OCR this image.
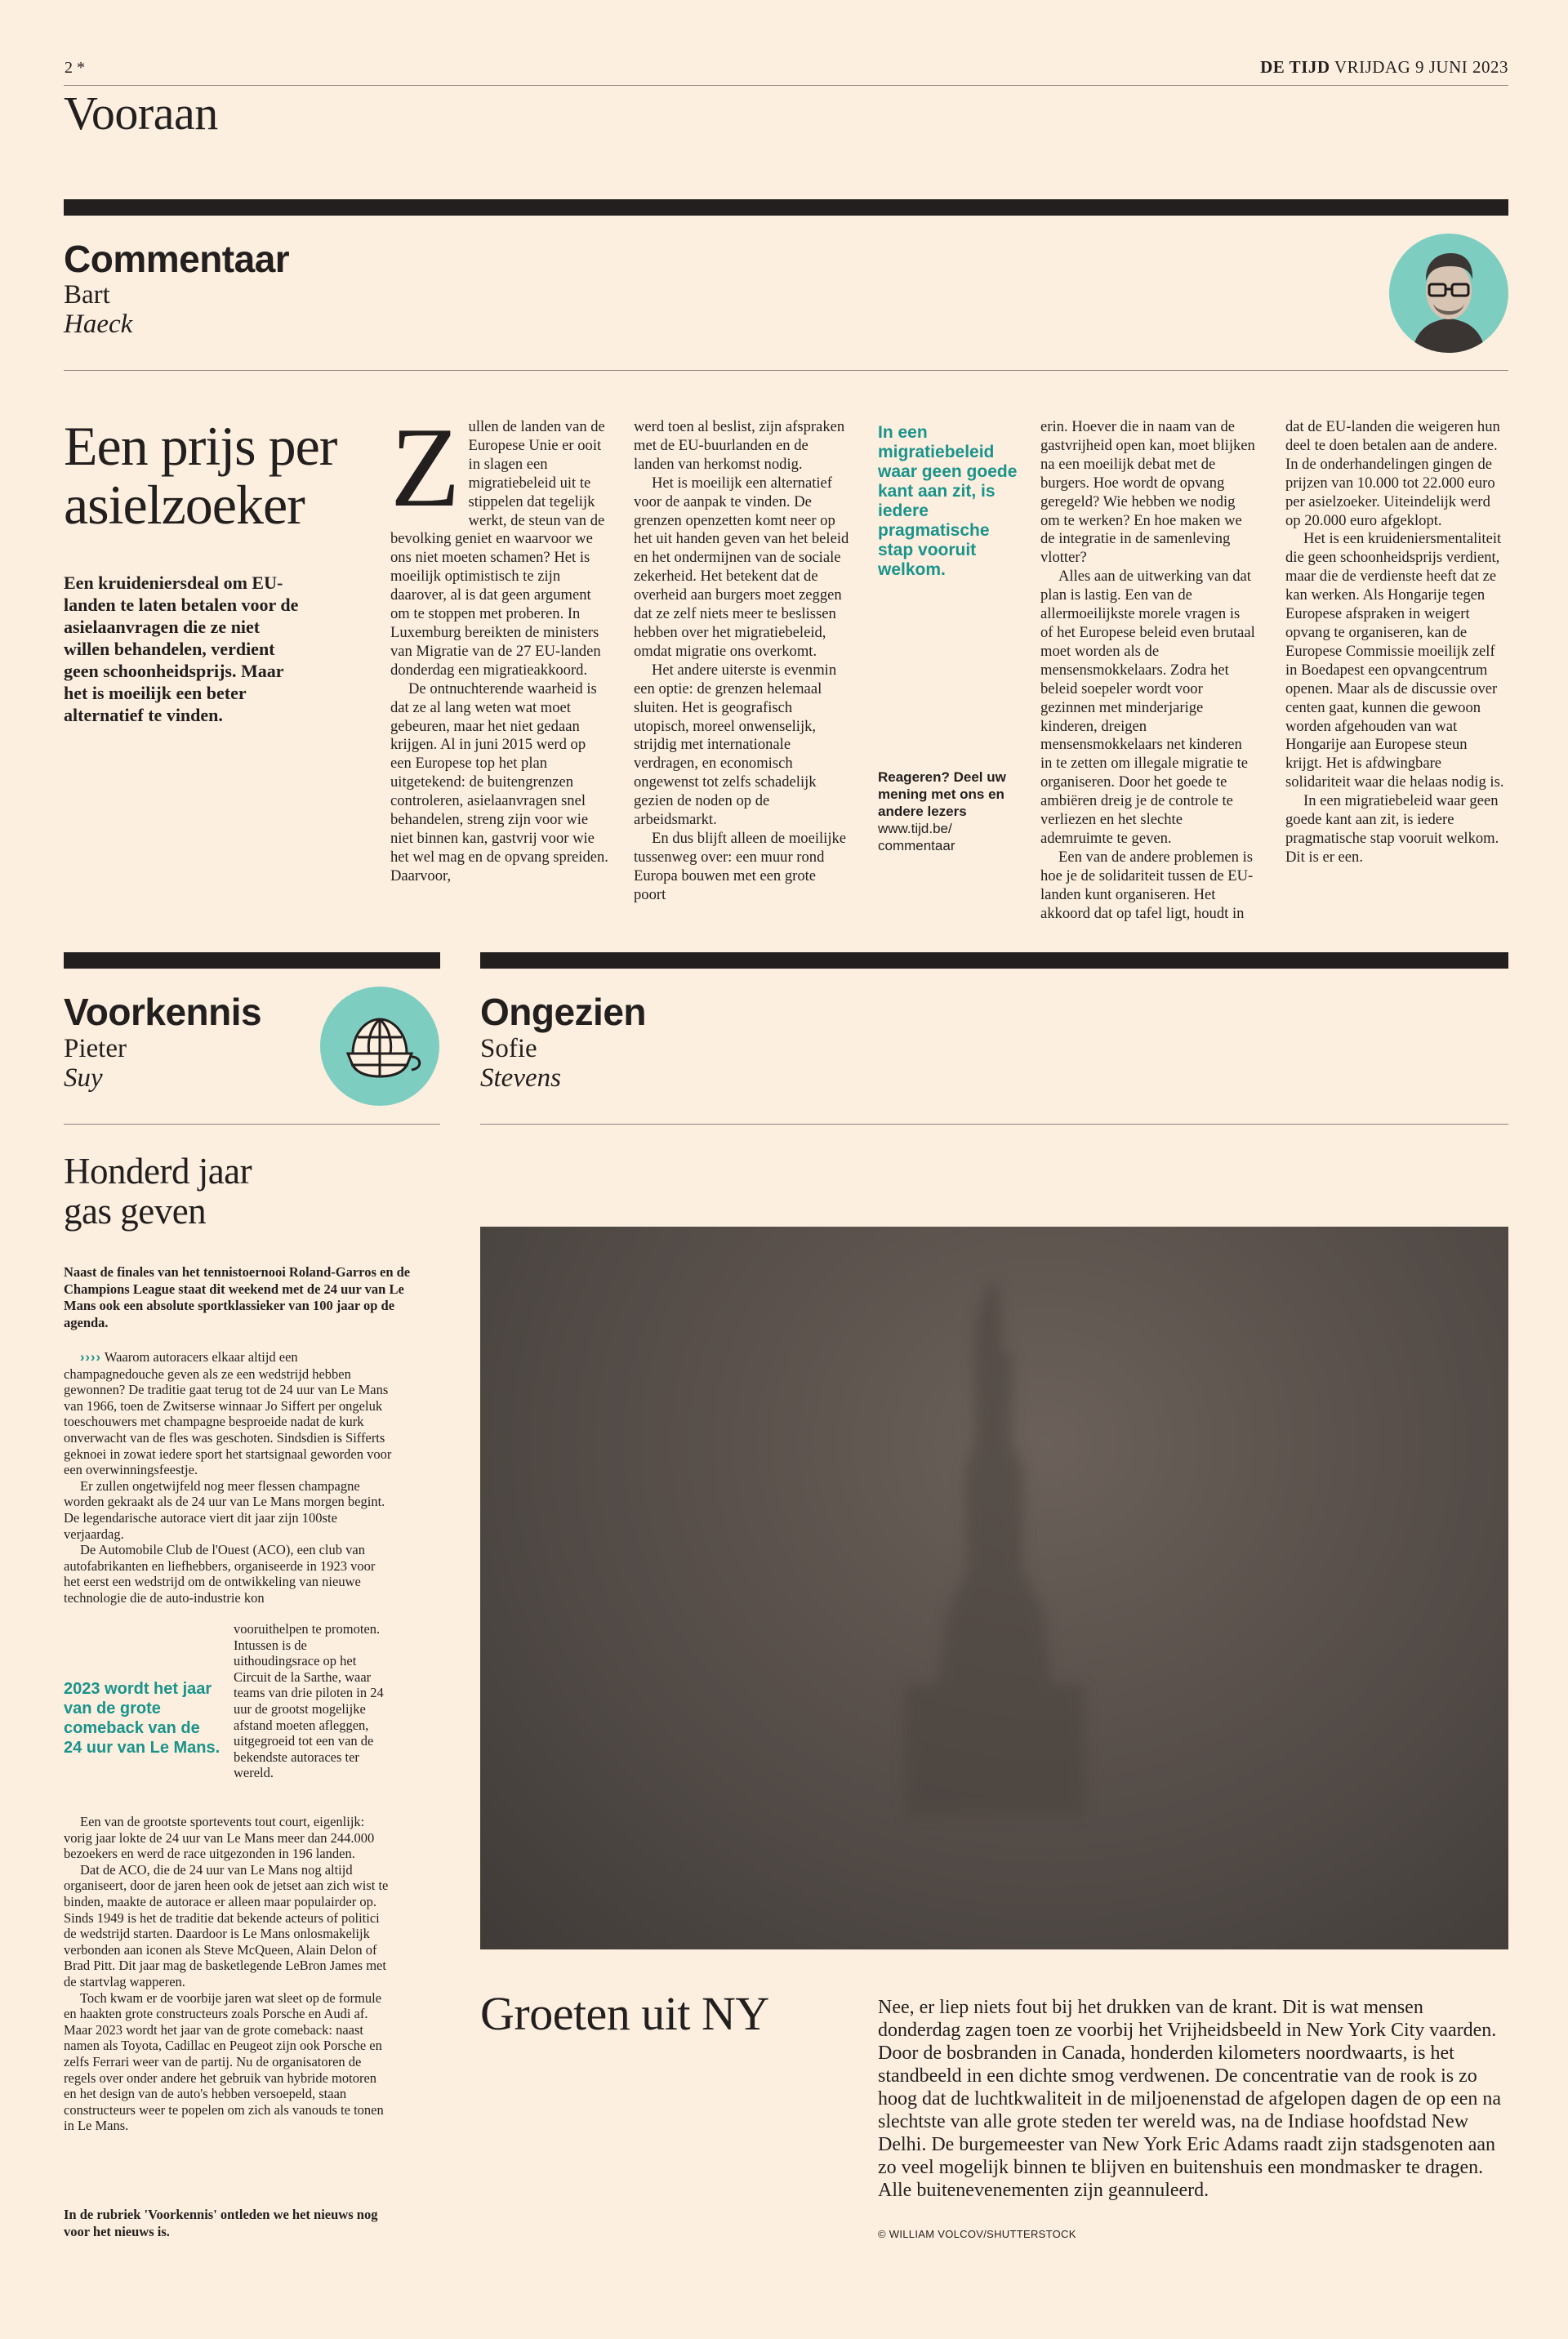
2 *	DE TIJD VRIJDAG 9 JUNI 2023
Vooraan
Commentaar
Bart
Haeck
Een prijs per
asielzoeker
Een kruideniersdeal om EU-landen te laten betalen voor de asielaanvragen die ze niet willen behandelen, verdient geen schoonheidsprijs. Maar het is moeilijk een beter alternatief te vinden.
Z ullen de landen van de Europese Unie er ooit in slagen een migratiebeleid uit te stippelen dat tegelijk werkt, de steun van de bevolking geniet en waarvoor we ons niet moeten schamen? Het is moeilijk optimistisch te zijn daarover, al is dat geen argument om te stoppen met proberen. In Luxemburg bereikten de ministers van Migratie van de 27 EU-landen donderdag een migratieakkoord.

De ontnuchterende waarheid is dat ze al lang weten wat moet gebeuren, maar het niet gedaan krijgen. Al in juni 2015 werd op een Europese top het plan uitgetekend: de buitengrenzen controleren, asielaanvragen snel behandelen, streng zijn voor wie niet binnen kan, gastvrij voor wie het wel mag en de opvang spreiden. Daarvoor,

werd toen al beslist, zijn afspraken met de EU-buurlanden en de landen van herkomst nodig.

Het is moeilijk een alternatief voor de aanpak te vinden. De grenzen openzetten komt neer op het uit handen geven van het beleid en het ondermijnen van de sociale zekerheid. Het betekent dat de overheid aan burgers moet zeggen dat ze zelf niets meer te beslissen hebben over het migratiebeleid, omdat migratie ons overkomt.

Het andere uiterste is evenmin een optie: de grenzen helemaal sluiten. Het is geografisch utopisch, moreel onwenselijk, strijdig met internationale verdragen, en economisch ongewenst tot zelfs schadelijk gezien de noden op de arbeidsmarkt.

En dus blijft alleen de moeilijke tussenweg over: een muur rond Europa bouwen met een grote poort

In een migratiebeleid waar geen goede kant aan zit, is iedere pragmatische stap vooruit welkom.
Reageren? Deel uw mening met ons en andere lezers
www.tijd.be/ commentaar

erin. Hoever die in naam van de gastvrijheid open kan, moet blijken na een moeilijk debat met de burgers. Hoe wordt de opvang geregeld? Wie hebben we nodig om te werken? En hoe maken we de integratie in de samenleving vlotter?

Alles aan de uitwerking van dat plan is lastig. Een van de allermoeilijkste morele vragen is of het Europese beleid even brutaal moet worden als de mensensmokkelaars. Zodra het beleid soepeler wordt voor gezinnen met minderjarige kinderen, dreigen mensensmokkelaars net kinderen in te zetten om illegale migratie te organiseren. Door het goede te ambiëren dreig je de controle te verliezen en het slechte ademruimte te geven.

Een van de andere problemen is hoe je de solidariteit tussen de EU-landen kunt organiseren. Het akkoord dat op tafel ligt, houdt in

dat de EU-landen die weigeren hun deel te doen betalen aan de andere. In de onderhandelingen gingen de prijzen van 10.000 tot 22.000 euro per asielzoeker. Uiteindelijk werd op 20.000 euro afgeklopt.

Het is een kruideniersmentaliteit die geen schoonheidsprijs verdient, maar die de verdienste heeft dat ze kan werken. Als Hongarije tegen Europese afspraken in weigert opvang te organiseren, kan de Europese Commissie moeilijk zelf in Boedapest een opvangcentrum openen. Maar als de discussie over centen gaat, kunnen die gewoon worden afgehouden van wat Hongarije aan Europese steun krijgt. Het is afdwingbare solidariteit waar die helaas nodig is.

In een migratiebeleid waar geen goede kant aan zit, is iedere pragmatische stap vooruit welkom. Dit is er een.

Voorkennis
Pieter
Suy
Honderd jaar
gas geven
Naast de finales van het tennistoernooi Roland-Garros en de Champions League staat dit weekend met de 24 uur van Le Mans ook een absolute sportklassieker van 100 jaar op de agenda.

›››› Waarom autoracers elkaar altijd een champagnedouche geven als ze een wedstrijd hebben gewonnen? De traditie gaat terug tot de 24 uur van Le Mans van 1966, toen de Zwitserse winnaar Jo Siffert per ongeluk toeschouwers met champagne besproeide nadat de kurk onverwacht van de fles was geschoten. Sindsdien is Sifferts geknoei in zowat iedere sport het startsignaal geworden voor een overwinningsfeestje.

Er zullen ongetwijfeld nog meer flessen champagne worden gekraakt als de 24 uur van Le Mans morgen begint. De legendarische autorace viert dit jaar zijn 100ste verjaardag.

De Automobile Club de l'Ouest (ACO), een club van autofabrikanten en liefhebbers, organiseerde in 1923 voor het eerst een wedstrijd om de ontwikkeling van nieuwe technologie die de auto-industrie kon

2023 wordt het jaar van de grote comeback van de 24 uur van Le Mans.
vooruithelpen te promoten. Intussen is de uithoudingsrace op het Circuit de la Sarthe, waar teams van drie piloten in 24 uur de grootst mogelijke afstand moeten afleggen, uitgegroeid tot een van de bekendste autoraces ter wereld.

Een van de grootste sportevents tout court, eigenlijk: vorig jaar lokte de 24 uur van Le Mans meer dan 244.000 bezoekers en werd de race uitgezonden in 196 landen.

Dat de ACO, die de 24 uur van Le Mans nog altijd organiseert, door de jaren heen ook de jetset aan zich wist te binden, maakte de autorace er alleen maar populairder op. Sinds 1949 is het de traditie dat bekende acteurs of politici de wedstrijd starten. Daardoor is Le Mans onlosmakelijk verbonden aan iconen als Steve McQueen, Alain Delon of Brad Pitt. Dit jaar mag de basketlegende LeBron James met de startvlag wapperen.

Toch kwam er de voorbije jaren wat sleet op de formule en haakten grote constructeurs zoals Porsche en Audi af. Maar 2023 wordt het jaar van de grote comeback: naast namen als Toyota, Cadillac en Peugeot zijn ook Porsche en zelfs Ferrari weer van de partij. Nu de organisatoren de regels over onder andere het gebruik van hybride motoren en het design van de auto's hebben versoepeld, staan constructeurs weer te popelen om zich als vanouds te tonen in Le Mans.

In de rubriek 'Voorkennis' ontleden we het nieuws nog voor het nieuws is.
Ongezien
Sofie
Stevens
Groeten uit NY	Nee, er liep niets fout bij het drukken van de krant. Dit is wat mensen donderdag zagen toen ze voorbij het Vrijheidsbeeld in New York City vaarden. Door de bosbranden in Canada, honderden kilometers noordwaarts, is het standbeeld in een dichte smog verdwenen. De concentratie van de rook is zo hoog dat de luchtkwaliteit in de miljoenenstad de afgelopen dagen de op een na slechtste van alle grote steden ter wereld was, na de Indiase hoofdstad New Delhi. De burgemeester van New York Eric Adams raadt zijn stadsgenoten aan zo veel mogelijk binnen te blijven en buitenshuis een mondmasker te dragen. Alle buitenevenementen zijn geannuleerd.
© WILLIAM VOLCOV/SHUTTERSTOCK
